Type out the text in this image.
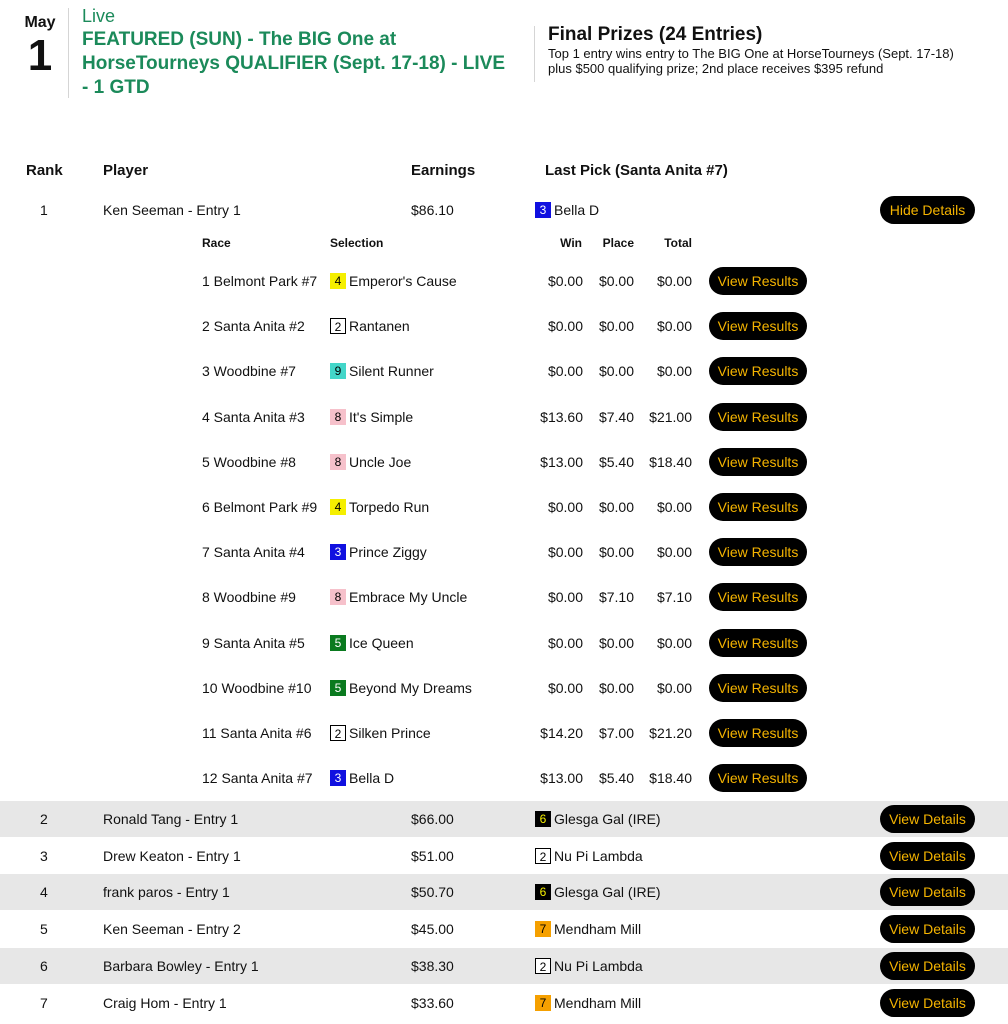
May
1
Live
FEATURED (SUN) - The BIG One at HorseTourneys QUALIFIER (Sept. 17-18) - LIVE - 1 GTD
Final Prizes (24 Entries)
Top 1 entry wins entry to The BIG One at HorseTourneys (Sept. 17-18) plus $500 qualifying prize; 2nd place receives $395 refund
Rank	Player	Earnings	Last Pick (Santa Anita #7)
1	Ken Seeman - Entry 1	$86.10	3 Bella D	Hide Details
Race	Selection	Win	Place	Total
1 Belmont Park #7	4 Emperor's Cause	$0.00	$0.00	$0.00	View Results
2 Santa Anita #2	2 Rantanen	$0.00	$0.00	$0.00	View Results
3 Woodbine #7	9 Silent Runner	$0.00	$0.00	$0.00	View Results
4 Santa Anita #3	8 It's Simple	$13.60	$7.40	$21.00	View Results
5 Woodbine #8	8 Uncle Joe	$13.00	$5.40	$18.40	View Results
6 Belmont Park #9	4 Torpedo Run	$0.00	$0.00	$0.00	View Results
7 Santa Anita #4	3 Prince Ziggy	$0.00	$0.00	$0.00	View Results
8 Woodbine #9	8 Embrace My Uncle	$0.00	$7.10	$7.10	View Results
9 Santa Anita #5	5 Ice Queen	$0.00	$0.00	$0.00	View Results
10 Woodbine #10	5 Beyond My Dreams	$0.00	$0.00	$0.00	View Results
11 Santa Anita #6	2 Silken Prince	$14.20	$7.00	$21.20	View Results
12 Santa Anita #7	3 Bella D	$13.00	$5.40	$18.40	View Results
2	Ronald Tang - Entry 1	$66.00	6 Glesga Gal (IRE)	View Details
3	Drew Keaton - Entry 1	$51.00	2 Nu Pi Lambda	View Details
4	frank paros - Entry 1	$50.70	6 Glesga Gal (IRE)	View Details
5	Ken Seeman - Entry 2	$45.00	7 Mendham Mill	View Details
6	Barbara Bowley - Entry 1	$38.30	2 Nu Pi Lambda	View Details
7	Craig Hom - Entry 1	$33.60	7 Mendham Mill	View Details
